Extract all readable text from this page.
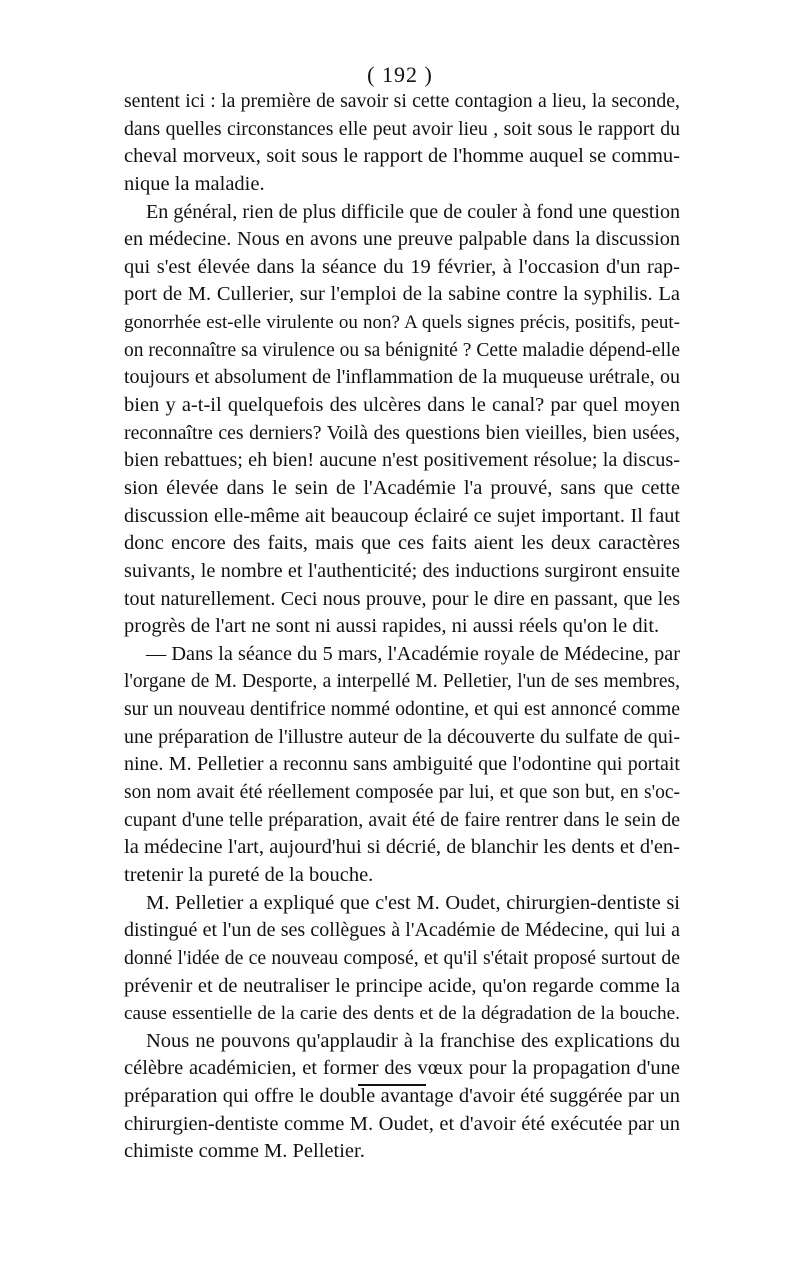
( 192 )
sentent ici : la première de savoir si cette contagion a lieu, la seconde,
dans quelles circonstances elle peut avoir lieu , soit sous le rapport du
cheval morveux, soit sous le rapport de l'homme auquel se commu-
nique la maladie.
En général, rien de plus difficile que de couler à fond une question
en médecine. Nous en avons une preuve palpable dans la discussion
qui s'est élevée dans la séance du 19 février, à l'occasion d'un rap-
port de M. Cullerier, sur l'emploi de la sabine contre la syphilis. La
gonorrhée est-elle virulente ou non? A quels signes précis, positifs, peut-
on reconnaître sa virulence ou sa bénignité ? Cette maladie dépend-elle
toujours et absolument de l'inflammation de la muqueuse urétrale, ou
bien y a-t-il quelquefois des ulcères dans le canal? par quel moyen
reconnaître ces derniers? Voilà des questions bien vieilles, bien usées,
bien rebattues; eh bien! aucune n'est positivement résolue; la discus-
sion élevée dans le sein de l'Académie l'a prouvé, sans que cette
discussion elle-même ait beaucoup éclairé ce sujet important. Il faut
donc encore des faits, mais que ces faits aient les deux caractères
suivants, le nombre et l'authenticité; des inductions surgiront ensuite
tout naturellement. Ceci nous prouve, pour le dire en passant, que les
progrès de l'art ne sont ni aussi rapides, ni aussi réels qu'on le dit.
— Dans la séance du 5 mars, l'Académie royale de Médecine, par
l'organe de M. Desporte, a interpellé M. Pelletier, l'un de ses membres,
sur un nouveau dentifrice nommé odontine, et qui est annoncé comme
une préparation de l'illustre auteur de la découverte du sulfate de qui-
nine. M. Pelletier a reconnu sans ambiguité que l'odontine qui portait
son nom avait été réellement composée par lui, et que son but, en s'oc-
cupant d'une telle préparation, avait été de faire rentrer dans le sein de
la médecine l'art, aujourd'hui si décrié, de blanchir les dents et d'en-
tretenir la pureté de la bouche.
M. Pelletier a expliqué que c'est M. Oudet, chirurgien-dentiste si
distingué et l'un de ses collègues à l'Académie de Médecine, qui lui a
donné l'idée de ce nouveau composé, et qu'il s'était proposé surtout de
prévenir et de neutraliser le principe acide, qu'on regarde comme la
cause essentielle de la carie des dents et de la dégradation de la bouche.
Nous ne pouvons qu'applaudir à la franchise des explications du
célèbre académicien, et former des vœux pour la propagation d'une
préparation qui offre le double avantage d'avoir été suggérée par un
chirurgien-dentiste comme M. Oudet, et d'avoir été exécutée par un
chimiste comme M. Pelletier.
